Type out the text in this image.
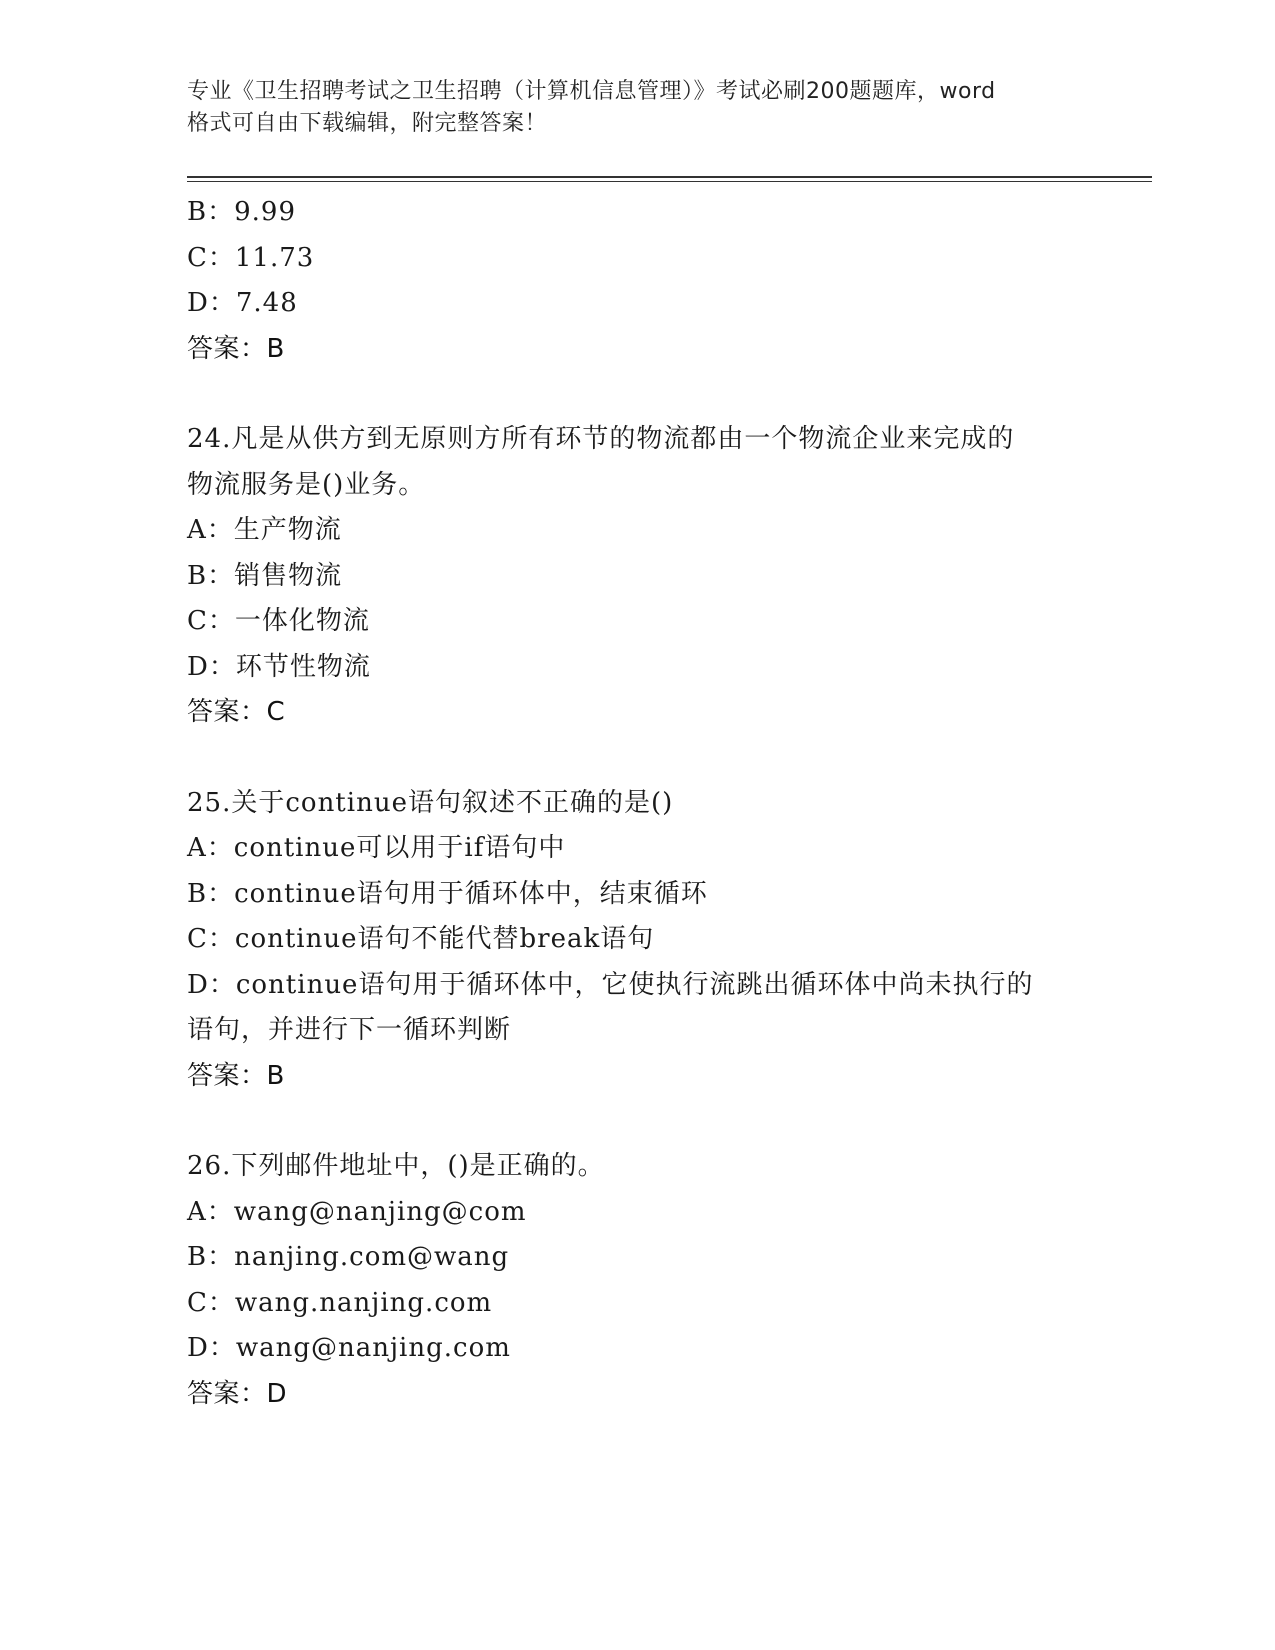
专业《卫生招聘考试之卫生招聘（计算机信息管理）》考试必刷200题题库，word
格式可自由下载编辑，附完整答案！
B：9.99
C：11.73
D：7.48
答案：B
24.凡是从供方到无原则方所有环节的物流都由一个物流企业来完成的
物流服务是()业务。
A：生产物流
B：销售物流
C：一体化物流
D：环节性物流
答案：C
25.关于continue语句叙述不正确的是()
A：continue可以用于if语句中
B：continue语句用于循环体中，结束循环
C：continue语句不能代替break语句
D：continue语句用于循环体中，它使执行流跳出循环体中尚未执行的
语句，并进行下一循环判断
答案：B
26.下列邮件地址中，()是正确的。
A：wang@nanjing@com
B：nanjing.com@wang
C：wang.nanjing.com
D：wang@nanjing.com
答案：D
